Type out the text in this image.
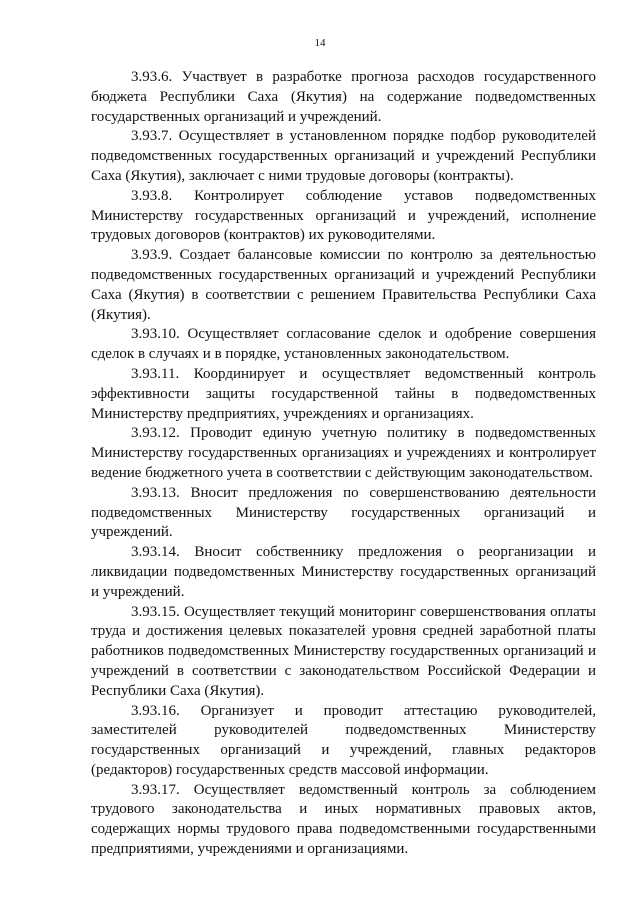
14

3.93.6. Участвует в разработке прогноза расходов государственного бюджета Республики Саха (Якутия) на содержание подведомственных государственных организаций и учреждений.

3.93.7. Осуществляет в установленном порядке подбор руководителей подведомственных государственных организаций и учреждений Республики Саха (Якутия), заключает с ними трудовые договоры (контракты).

3.93.8. Контролирует соблюдение уставов подведомственных Министерству государственных организаций и учреждений, исполнение трудовых договоров (контрактов) их руководителями.

3.93.9. Создает балансовые комиссии по контролю за деятельностью подведомственных государственных организаций и учреждений Республики Саха (Якутия) в соответствии с решением Правительства Республики Саха (Якутия).

3.93.10. Осуществляет согласование сделок и одобрение совершения сделок в случаях и в порядке, установленных законодательством.

3.93.11. Координирует и осуществляет ведомственный контроль эффективности защиты государственной тайны в подведомственных Министерству предприятиях, учреждениях и организациях.

3.93.12. Проводит единую учетную политику в подведомственных Министерству государственных организациях и учреждениях и контролирует ведение бюджетного учета в соответствии с действующим законодательством.

3.93.13. Вносит предложения по совершенствованию деятельности подведомственных Министерству государственных организаций и учреждений.

3.93.14. Вносит собственнику предложения о реорганизации и ликвидации подведомственных Министерству государственных организаций и учреждений.

3.93.15. Осуществляет текущий мониторинг совершенствования оплаты труда и достижения целевых показателей уровня средней заработной платы работников подведомственных Министерству государственных организаций и учреждений в соответствии с законодательством Российской Федерации и Республики Саха (Якутия).

3.93.16. Организует и проводит аттестацию руководителей, заместителей руководителей подведомственных Министерству государственных организаций и учреждений, главных редакторов (редакторов) государственных средств массовой информации.

3.93.17. Осуществляет ведомственный контроль за соблюдением трудового законодательства и иных нормативных правовых актов, содержащих нормы трудового права подведомственными государственными предприятиями, учреждениями и организациями.
